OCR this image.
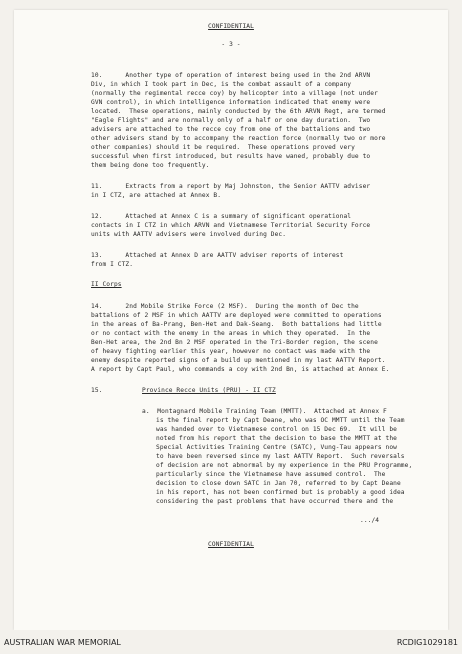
CONFIDENTIAL
- 3 -
10.      Another type of operation of interest being used in the 2nd ARVN
Div, in which I took part in Dec, is the combat assault of a company
(normally the regimental recce coy) by helicopter into a village (not under
GVN control), in which intelligence information indicated that enemy were
located.  These operations, mainly conducted by the 6th ARVN Regt, are termed
"Eagle Flights" and are normally only of a half or one day duration.  Two
advisers are attached to the recce coy from one of the battalions and two
other advisers stand by to accompany the reaction force (normally two or more
other companies) should it be required.  These operations proved very
successful when first introduced, but results have waned, probably due to
them being done too frequently.
11.      Extracts from a report by Maj Johnston, the Senior AATTV adviser
in I CTZ, are attached at Annex B.
12.      Attached at Annex C is a summary of significant operational
contacts in I CTZ in which ARVN and Vietnamese Territorial Security Force
units with AATTV advisers were involved during Dec.
13.      Attached at Annex D are AATTV adviser reports of interest
from I CTZ.
II Corps
14.      2nd Mobile Strike Force (2 MSF).  During the month of Dec the
battalions of 2 MSF in which AATTV are deployed were committed to operations
in the areas of Ba-Prang, Ben-Het and Dak-Seang.  Both battalions had little
or no contact with the enemy in the areas in which they operated.  In the
Ben-Het area, the 2nd Bn 2 MSF operated in the Tri-Border region, the scene
of heavy fighting earlier this year, however no contact was made with the
enemy despite reported signs of a build up mentioned in my last AATTV Report.
A report by Capt Paul, who commands a coy with 2nd Bn, is attached at Annex E.
15.	Province Recce Units (PRU) - II CTZ
a.  Montagnard Mobile Training Team (MMTT).  Attached at Annex F
is the final report by Capt Deane, who was OC MMTT until the Team
was handed over to Vietnamese control on 15 Dec 69.  It will be
noted from his report that the decision to base the MMTT at the
Special Activities Training Centre (SATC), Vung-Tau appears now
to have been reversed since my last AATTV Report.  Such reversals
of decision are not abnormal by my experience in the PRU Programme,
particularly since the Vietnamese have assumed control.  The
decision to close down SATC in Jan 70, referred to by Capt Deane
in his report, has not been confirmed but is probably a good idea
considering the past problems that have occurred there and the
.../4
CONFIDENTIAL
AUSTRALIAN WAR MEMORIAL	RCDIG1029181
